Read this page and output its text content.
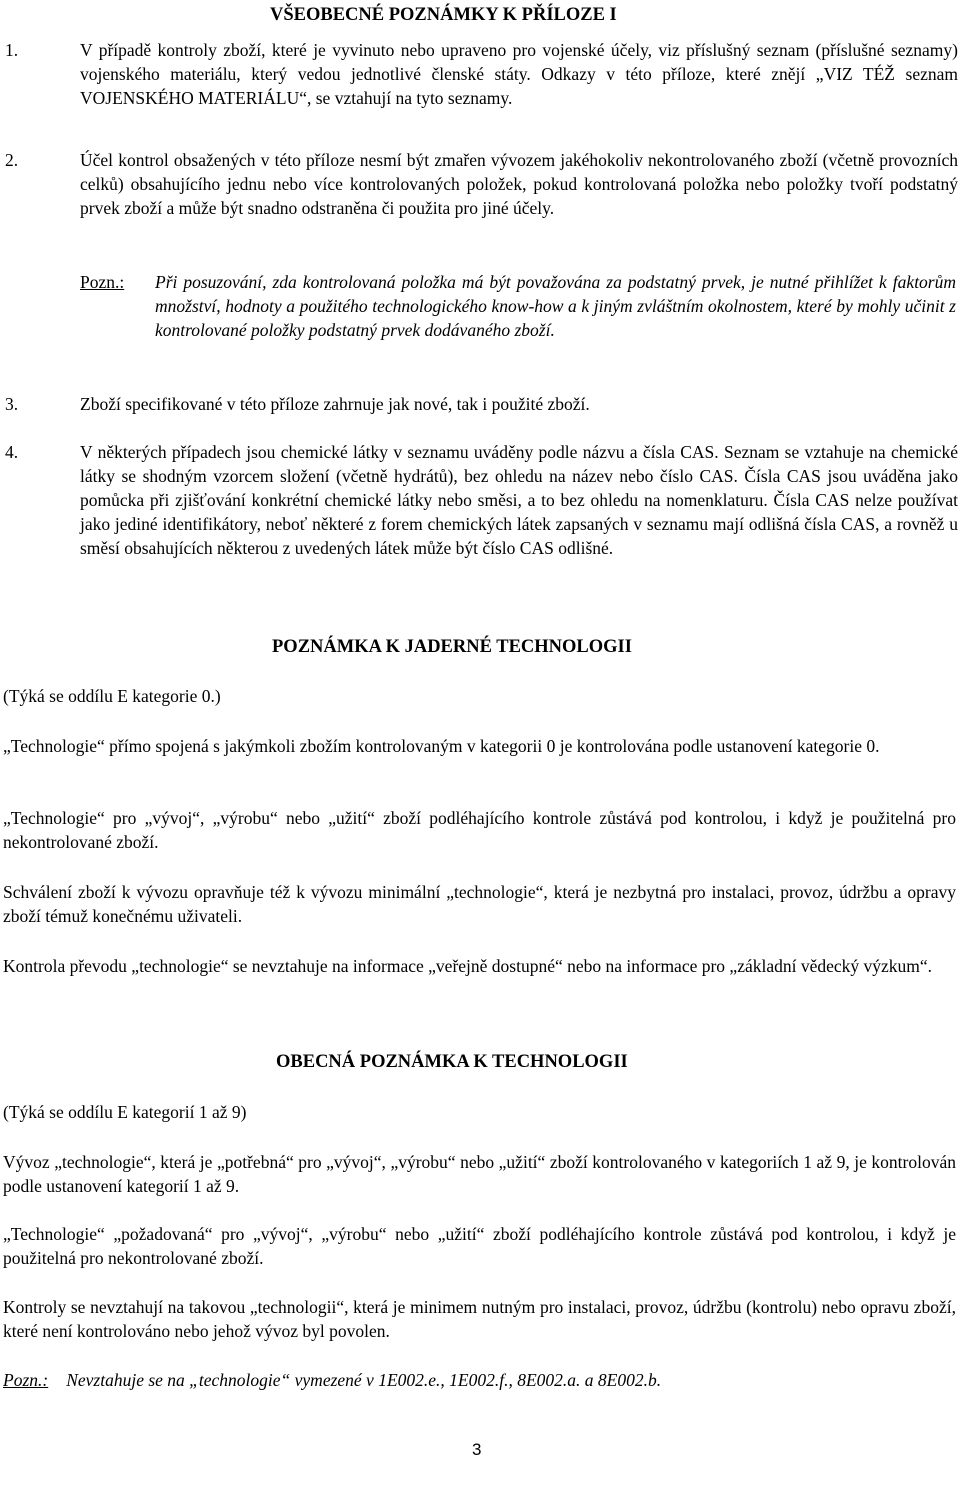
VŠEOBECNÉ POZNÁMKY K PŘÍLOZE I

1.	V případě kontroly zboží, které je vyvinuto nebo upraveno pro vojenské účely, viz příslušný seznam (příslušné seznamy) vojenského materiálu, který vedou jednotlivé členské státy. Odkazy v této příloze, které znějí „VIZ TÉŽ seznam VOJENSKÉHO MATERIÁLU“, se vztahují na tyto seznamy.

2.	Účel kontrol obsažených v této příloze nesmí být zmařen vývozem jakéhokoliv nekontrolovaného zboží (včetně provozních celků) obsahujícího jednu nebo více kontrolovaných položek, pokud kontrolovaná položka nebo položky tvoří podstatný prvek zboží a může být snadno odstraněna či použita pro jiné účely.

Pozn.: Při posuzování, zda kontrolovaná položka má být považována za podstatný prvek, je nutné přihlížet k faktorům množství, hodnoty a použitého technologického know-how a k jiným zvláštním okolnostem, které by mohly učinit z kontrolované položky podstatný prvek dodávaného zboží.

3.	Zboží specifikované v této příloze zahrnuje jak nové, tak i použité zboží.

4.	V některých případech jsou chemické látky v seznamu uváděny podle názvu a čísla CAS. Seznam se vztahuje na chemické látky se shodným vzorcem složení (včetně hydrátů), bez ohledu na název nebo číslo CAS. Čísla CAS jsou uváděna jako pomůcka při zjišťování konkrétní chemické látky nebo směsi, a to bez ohledu na nomenklaturu. Čísla CAS nelze používat jako jediné identifikátory, neboť některé z forem chemických látek zapsaných v seznamu mají odlišná čísla CAS, a rovněž u směsí obsahujících některou z uvedených látek může být číslo CAS odlišné.

POZNÁMKA K JADERNÉ TECHNOLOGII

(Týká se oddílu E kategorie 0.)

„Technologie“ přímo spojená s jakýmkoli zbožím kontrolovaným v kategorii 0 je kontrolována podle ustanovení kategorie 0.

„Technologie“ pro „vývoj“, „výrobu“ nebo „užití“ zboží podléhajícího kontrole zůstává pod kontrolou, i když je použitelná pro nekontrolované zboží.

Schválení zboží k vývozu opravňuje též k vývozu minimální „technologie“, která je nezbytná pro instalaci, provoz, údržbu a opravy zboží témuž konečnému uživateli.

Kontrola převodu „technologie“ se nevztahuje na informace „veřejně dostupné“ nebo na informace pro „základní vědecký výzkum“.

OBECNÁ POZNÁMKA K TECHNOLOGII

(Týká se oddílu E kategorií 1 až 9)

Vývoz „technologie“, která je „potřebná“ pro „vývoj“, „výrobu“ nebo „užití“ zboží kontrolovaného v kategoriích 1 až 9, je kontrolován podle ustanovení kategorií 1 až 9.

„Technologie“ „požadovaná“ pro „vývoj“, „výrobu“ nebo „užití“ zboží podléhajícího kontrole zůstává pod kontrolou, i když je použitelná pro nekontrolované zboží.

Kontroly se nevztahují na takovou „technologii“, která je minimem nutným pro instalaci, provoz, údržbu (kontrolu) nebo opravu zboží, které není kontrolováno nebo jehož vývoz byl povolen.

Pozn.: Nevztahuje se na „technologie“ vymezené v 1E002.e., 1E002.f., 8E002.a. a 8E002.b.

3
